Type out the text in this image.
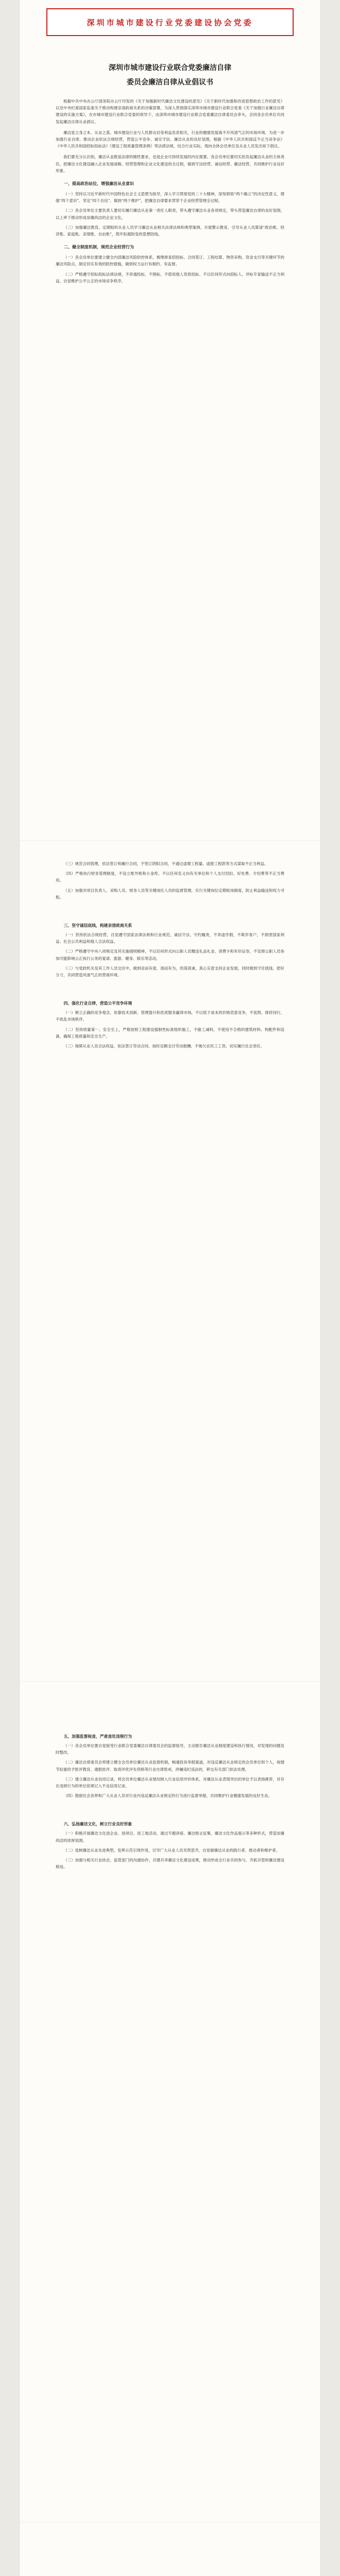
深圳市城市建设行业党委建设协会党委
深圳市城市建设行业联合党委廉洁自律
委员会廉洁自律从业倡议书

根据中共中央办公厅国务院办公厅印发的《关于加强新时代廉洁文化建设的意见》《关于新时代加强和改进思想政治工作的意见》以及中央纪委国家监委关于推动构建亲清政商关系的决策部署，为深入贯彻落实深圳市城市建设行业联合党委《关于加强行业廉洁自律建设的实施方案》，在市城市建设行业联合党委的领导下，由深圳市城市建设行业联合党委廉洁自律委员会牵头，会同各会员单位共同发起廉洁自律从业倡议。

廉洁是立身之本、从业之基。城市建设行业与人民群众切身利益息息相关，行业的健康发展离不开风清气正的市场环境。为进一步加强行业自律，推动企业依法合规经营，营造公平竞争、诚实守信、廉洁从业的良好氛围，根据《中华人民共和国反不正当竞争法》《中华人民共和国招标投标法》《建设工程质量管理条例》等法律法规，结合行业实际，现向全体会员单位及从业人员发出如下倡议。

我们要充分认识到，廉洁从业既是法律的刚性要求，也是企业可持续发展的内在需要。各会员单位要切实担负起廉洁从业的主体责任，把廉洁文化建设融入企业发展战略、经营管理和企业文化建设的全过程，做到守法经营、诚信经营、廉洁经营，共同维护行业良好形象。

一、提高政治站位，增强廉洁从业意识

（一）坚持以习近平新时代中国特色社会主义思想为指导，深入学习贯彻党的二十大精神，深刻领悟“两个确立”的决定性意义，增强“四个意识”、坚定“四个自信”、做到“两个维护”，把廉洁自律要求贯穿于企业经营管理全过程。

（二）各会员单位主要负责人要切实履行廉洁从业第一责任人职责，带头遵守廉洁从业各项规定，带头营造廉洁自律的良好氛围，以上率下推动形成崇廉尚洁的企业文化。

（三）加强廉洁教育，定期组织从业人员学习廉洁从业相关法律法规和典型案例，开展警示教育，引导从业人员算清“政治账、经济账、家庭账、亲情账、自由账”，筑牢拒腐防变的思想防线。

二、健全制度机制，规范企业经营行为

（一）各会员单位要建立健全内部廉洁风险防控体系，梳理排查招投标、合同签订、工程结算、物资采购、资金支付等关键环节的廉洁风险点，制定切实有效的防控措施，做到权力运行有制约、有监督。

（二）严格遵守招标投标法律法规，不串通投标、不围标、不借用他人资质投标、不以任何形式向招标人、评标专家输送不正当利益，自觉维护公平公正的市场竞争秩序。

（三）规范合同管理，依法签订和履行合同，不签订阴阳合同，不通过虚增工程量、虚报工程款等方式谋取不正当利益。

（四）严格执行财务管理制度，不设立账外账和小金库，不以任何名义向有关单位和个人支付回扣、好处费、介绍费等不正当费用。

（五）加强对项目负责人、采购人员、财务人员等关键岗位人员的监督管理，实行关键岗位定期轮岗制度，防止利益输送和权力寻租。

三、坚守诚信底线，构建亲清政商关系

（一）坚持依法合规经营，自觉遵守国家法律法规和行业规范，诚信守法、守约履责，不弄虚作假，不欺诈客户，不损害国家利益、社会公共利益和他人合法权益。

（二）严格遵守中央八项规定及其实施细则精神，不以任何形式向公职人员赠送礼品礼金、消费卡和有价证券，不安排公职人员参加可能影响公正执行公务的宴请、旅游、健身、娱乐等活动。

（三）与党政机关及其工作人员交往中，做到亲而有度、清而有为，坦荡真诚、真心实意支持企业发展，同时做到守住底线、把好分寸，共同营造风清气正的营商环境。

四、强化行业自律，营造公平竞争环境

（一）树立正确的竞争观念，依靠技术创新、管理提升和优质服务赢得市场，不以低于成本的价格恶意竞争，不诋毁、排挤同行，不扰乱市场秩序。

（二）坚持质量第一、安全至上，严格按照工程建设强制性标准组织施工，不偷工减料，不使用不合格的建筑材料、构配件和设备，确保工程质量和安全生产。

（三）保障从业人员合法权益，依法签订劳动合同，按时足额支付劳动报酬，不拖欠农民工工资，切实履行社会责任。

五、加强监督检查，严肃查处违规行为

（一）各会员单位要自觉接受行业联合党委廉洁自律委员会的监督指导，主动报告廉洁从业制度建设和执行情况，对发现的问题及时整改。

（二）廉洁自律委员会将建立健全会员单位廉洁从业监督机制，畅通投诉举报渠道，对违反廉洁从业规定的会员单位和个人，视情节轻重给予批评教育、通报批评、取消评优评先资格等行业自律惩戒，涉嫌违纪违法的，移交有关部门依法处理。

（三）建立廉洁从业信用记录，将会员单位廉洁从业情况纳入行业信用评价体系，对廉洁从业表现突出的单位予以表扬推荐，对存在违规行为的单位依规记入不良信用记录。

（四）鼓励社会各界和广大从业人员对行业内违反廉洁从业规定的行为进行监督举报，共同维护行业健康发展的良好生态。

六、弘扬廉洁文化，树立行业良好形象

（一）积极开展廉洁文化进企业、进项目、进工地活动，通过专题讲座、廉洁格言征集、廉洁文化作品展示等多种形式，营造崇廉尚洁的浓厚氛围。

（二）选树廉洁从业先进典型，发挥示范引领作用，引导广大从业人员见贤思齐，自觉做廉洁从业的践行者、推动者和维护者。

（三）加强与相关行业协会、监管部门的沟通协作，共建共享廉洁文化建设成果，推动形成全行业共同参与、齐抓共管的廉洁建设格局。
